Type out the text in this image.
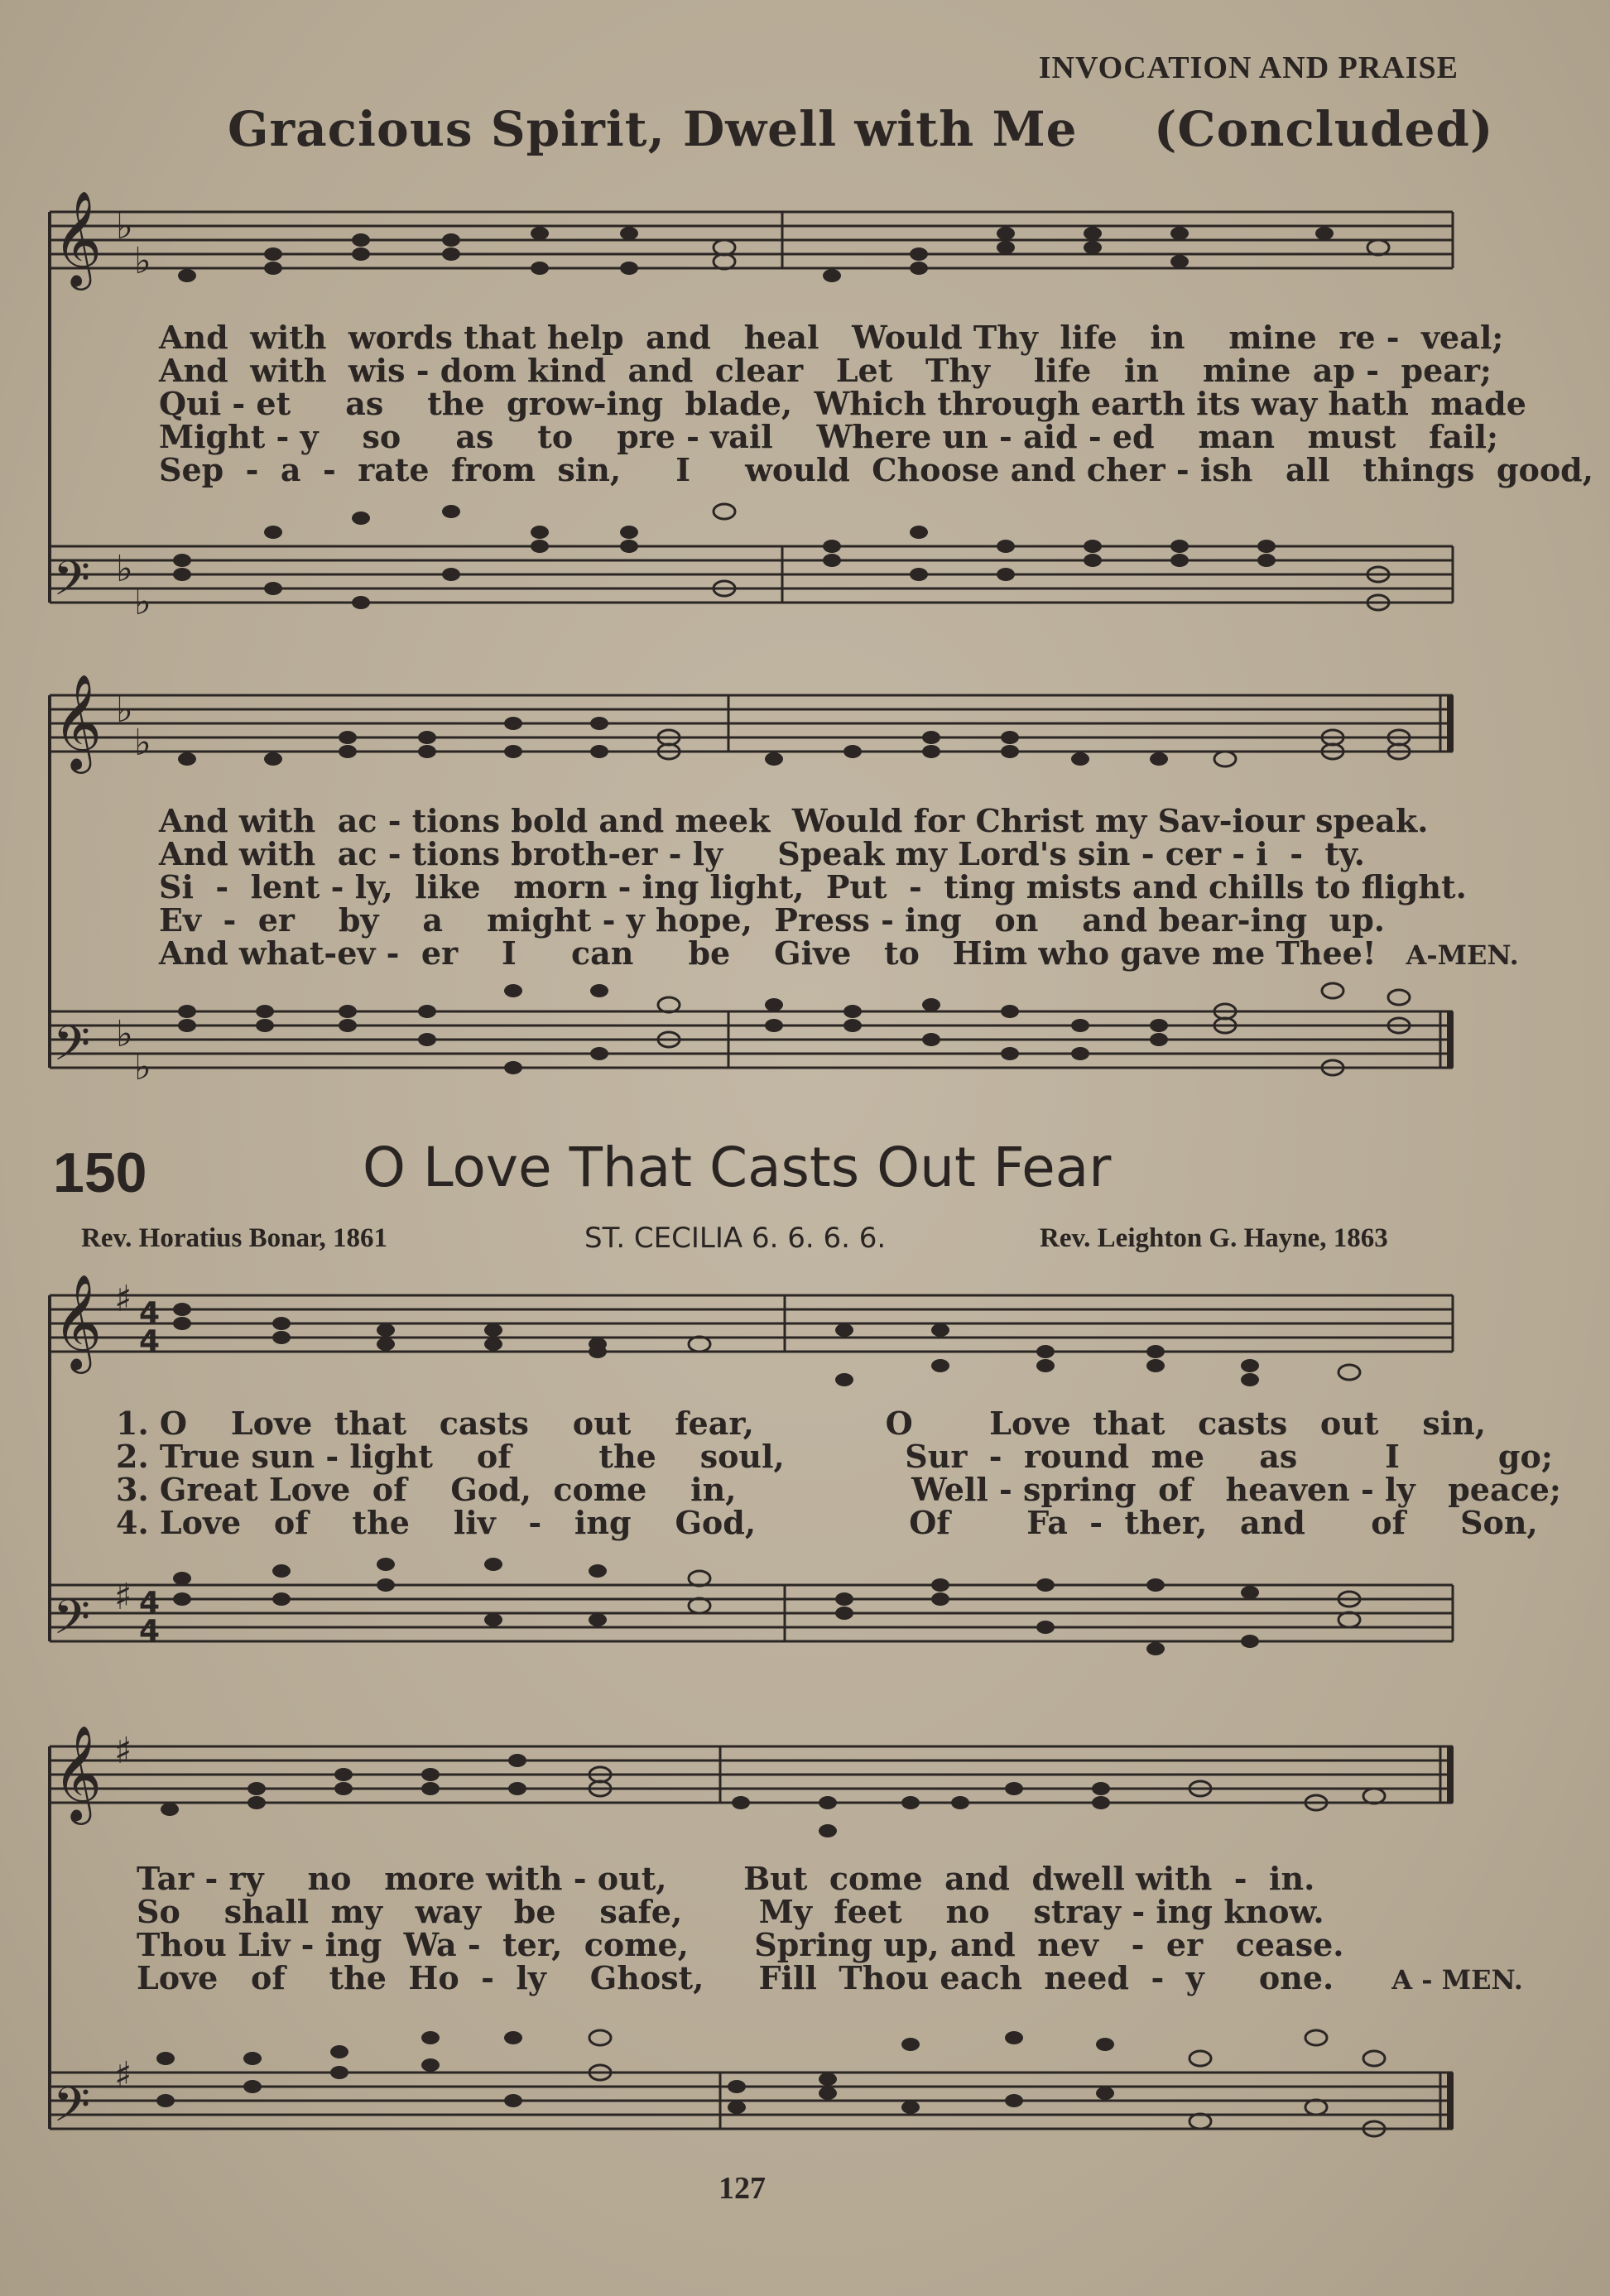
INVOCATION AND PRAISE
Gracious Spirit, Dwell with Me (Concluded)
𝄞
𝄢
𝄞
𝄢
𝄞
𝄢
𝄞
𝄢
♭
♭
♭
♭
♭
♭
♭
♭
♯
♯
♯
♯
4
4
4
4
And  with  words that help  and   heal   Would Thy  life   in    mine  re -  veal;
And  with  wis - dom kind  and  clear   Let   Thy    life   in    mine  ap -  pear;
Qui - et     as    the  grow-ing  blade,  Which through earth its way hath  made
Might - y    so     as    to    pre - vail    Where un - aid - ed    man   must   fail;
Sep  -  a  -  rate  from  sin,     I     would  Choose and cher - ish   all   things  good,
And with  ac - tions bold and meek  Would for Christ my Sav-iour speak.
And with  ac - tions broth-er - ly     Speak my Lord's sin - cer - i  -  ty.
Si  -  lent - ly,  like   morn - ing light,  Put  -  ting mists and chills to flight.
Ev  -  er    by    a    might - y hope,  Press - ing   on    and bear-ing  up.
And what-ev -  er    I     can     be    Give   to   Him who gave me Thee! A-MEN.
150	O Love That Casts Out Fear
Rev. Horatius Bonar, 1861	ST. CECILIA 6. 6. 6. 6.	Rev. Leighton G. Hayne, 1863
1. O    Love  that   casts    out    fear,            O       Love  that   casts   out    sin,
2. True sun - light    of        the    soul,           Sur  -  round  me     as        I         go;
3. Great Love  of    God,  come    in,                Well - spring  of   heaven - ly   peace;
4. Love   of    the    liv   -   ing    God,              Of       Fa  -  ther,   and      of     Son,
Tar - ry    no   more with - out,       But  come  and  dwell with  -  in.
So    shall  my   way   be    safe,       My  feet    no    stray - ing know.
Thou Liv - ing  Wa -  ter,  come,      Spring up, and  nev   -  er   cease.
Love   of    the  Ho  -  ly    Ghost,     Fill  Thou each  need  -  y     one. A - MEN.
127
